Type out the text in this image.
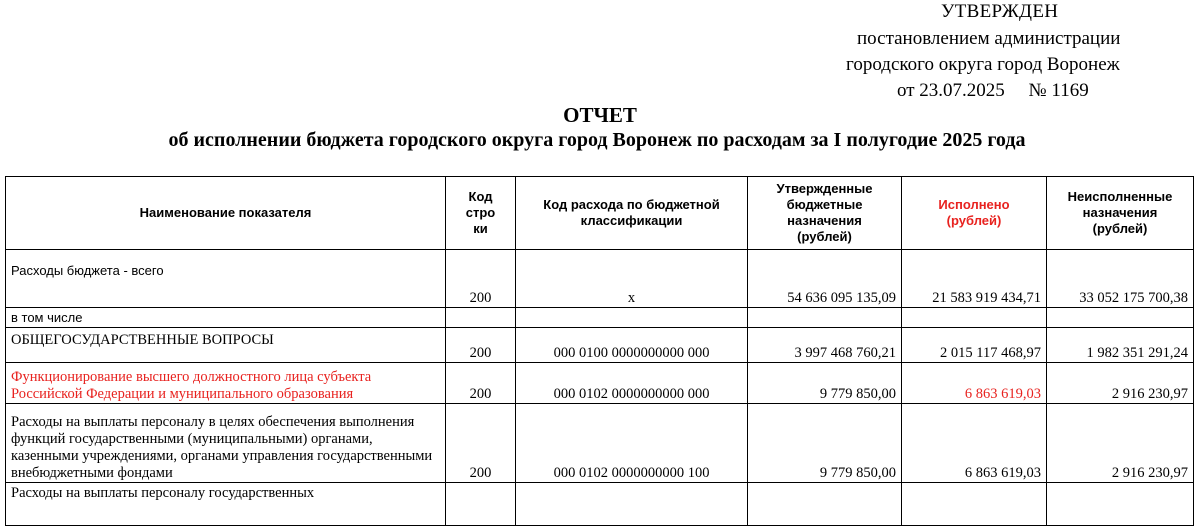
УТВЕРЖДЕН
постановлением администрации
городского округа город Воронеж
от 23.07.2025     № 1169
ОТЧЕТ
об исполнении бюджета городского округа город Воронеж по расходам за I полугодие 2025 года
Наименование показателя	Код строки	Код расхода по бюджетной классификации	Утвержденные бюджетные назначения (рублей)	Исполнено (рублей)	Неисполненные назначения (рублей)
Расходы бюджета - всего	200	x	54 636 095 135,09	21 583 919 434,71	33 052 175 700,38
в том числе					
ОБЩЕГОСУДАРСТВЕННЫЕ ВОПРОСЫ	200	000 0100 0000000000 000	3 997 468 760,21	2 015 117 468,97	1 982 351 291,24
Функционирование высшего должностного лица субъекта Российской Федерации и муниципального образования	200	000 0102 0000000000 000	9 779 850,00	6 863 619,03	2 916 230,97
Расходы на выплаты персоналу в целях обеспечения выполнения функций государственными (муниципальными) органами, казенными учреждениями, органами управления государственными внебюджетными фондами	200	000 0102 0000000000 100	9 779 850,00	6 863 619,03	2 916 230,97
Расходы на выплаты персоналу государственных					
